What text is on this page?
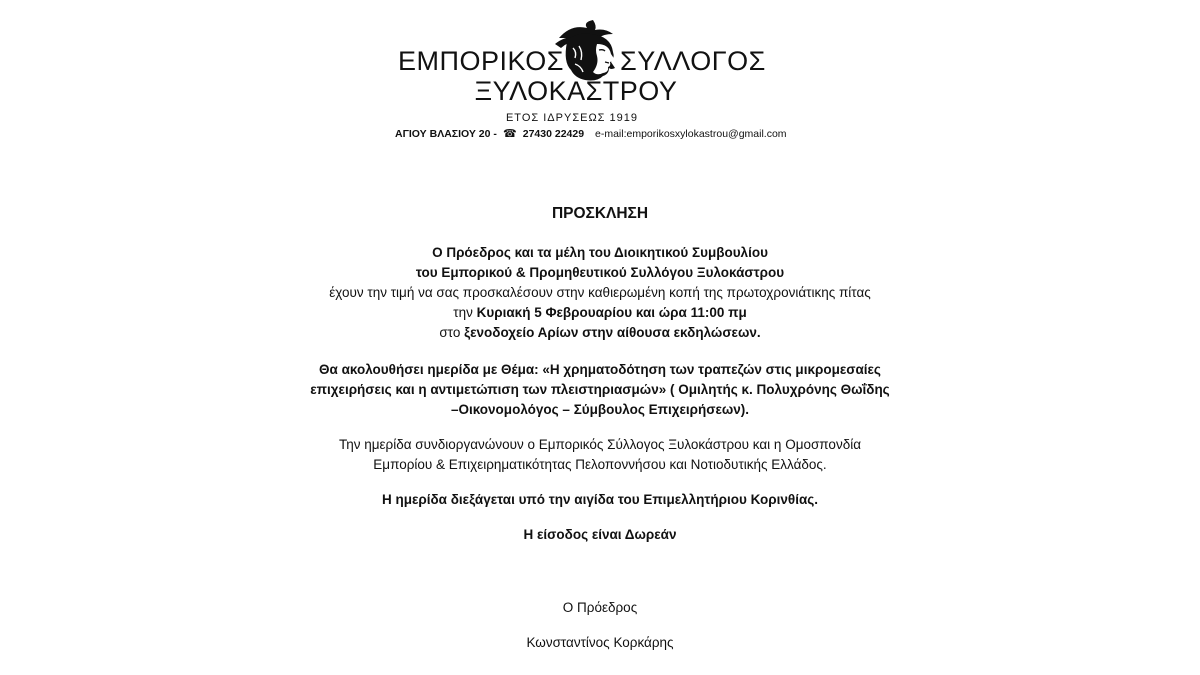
ΕΜΠΟΡΙΚΟΣ ΣΥΛΛΟΓΟΣ
ΞΥΛΟΚΑΣΤΡΟΥ
ΕΤΟΣ ΙΔΡΥΣΕΩΣ 1919
ΑΓΙΟΥ ΒΛΑΣΙΟΥ 20 - ☎ 27430 22429 e-mail:emporikosxylokastrou@gmail.com
ΠΡΟΣΚΛΗΣΗ
Ο Πρόεδρος και τα μέλη του Διοικητικού Συμβουλίου
του Εμπορικού & Προμηθευτικού Συλλόγου Ξυλοκάστρου
έχουν την τιμή να σας προσκαλέσουν στην καθιερωμένη κοπή της πρωτοχρονιάτικης πίτας
την Κυριακή 5 Φεβρουαρίου και ώρα 11:00 πμ
στο ξενοδοχείο Αρίων στην αίθουσα εκδηλώσεων.
Θα ακολουθήσει ημερίδα με Θέμα: «Η χρηματοδότηση των τραπεζών στις μικρομεσαίες
επιχειρήσεις και η αντιμετώπιση των πλειστηριασμών» ( Ομιλητής κ. Πολυχρόνης Θωΐδης
–Οικονομολόγος – Σύμβουλος Επιχειρήσεων).
Την ημερίδα συνδιοργανώνουν ο Εμπορικός Σύλλογος Ξυλοκάστρου και η Ομοσπονδία
Εμπορίου & Επιχειρηματικότητας Πελοποννήσου και Νοτιοδυτικής Ελλάδος.
Η ημερίδα διεξάγεται υπό την αιγίδα του Επιμελλητήριου Κορινθίας.
Η είσοδος είναι Δωρεάν
Ο Πρόεδρος
Κωνσταντίνος Κορκάρης
